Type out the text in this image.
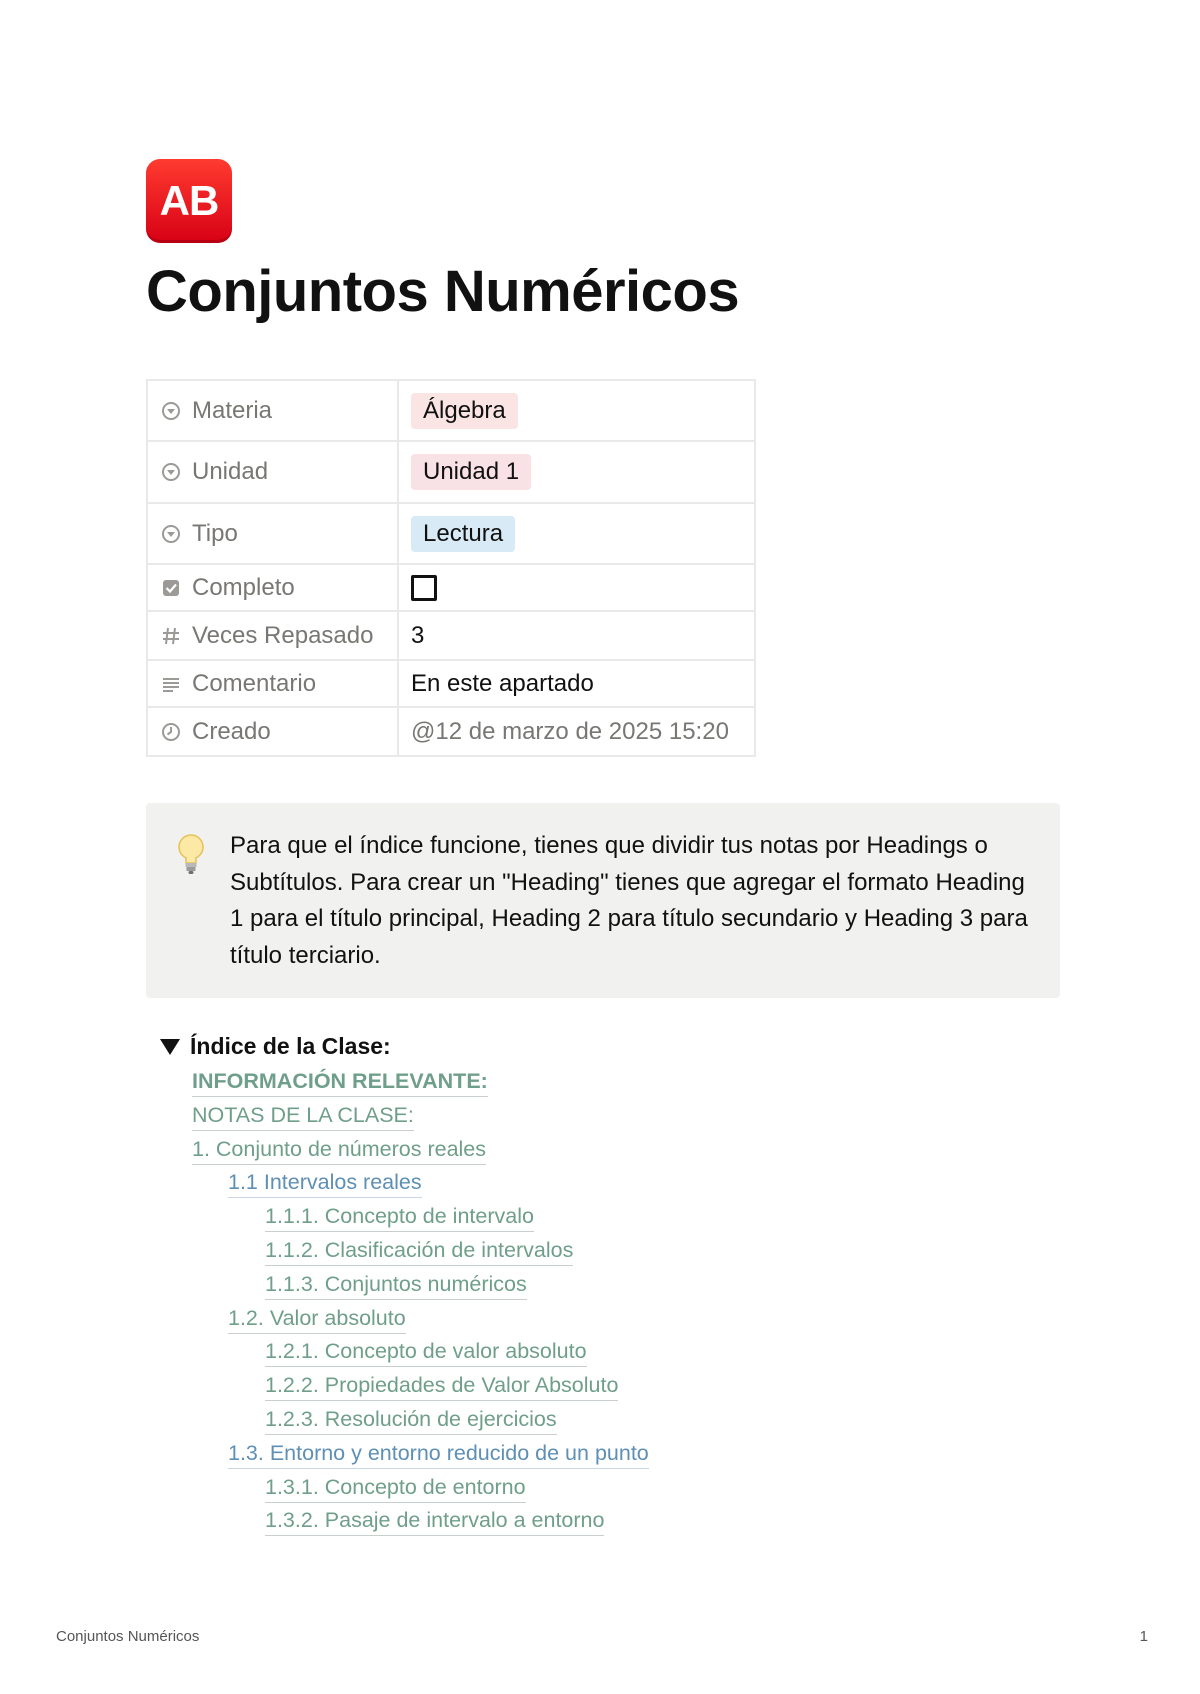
AB
Conjuntos Numéricos
Materia	Álgebra

Unidad	Unidad 1

Tipo	Lectura

Completo	

Veces Repasado	3

Comentario	En este apartado

Creado	@12 de marzo de 2025 15:20
Para que el índice funcione, tienes que dividir tus notas por Headings o Subtítulos. Para crear un "Heading" tienes que agregar el formato Heading 1 para el título principal, Heading 2 para título secundario y Heading 3 para título terciario.
Índice de la Clase:
INFORMACIÓN RELEVANTE:
NOTAS DE LA CLASE:
1. Conjunto de números reales
1.1 Intervalos reales
1.1.1. Concepto de intervalo
1.1.2. Clasificación de intervalos
1.1.3. Conjuntos numéricos
1.2. Valor absoluto
1.2.1. Concepto de valor absoluto
1.2.2. Propiedades de Valor Absoluto
1.2.3. Resolución de ejercicios
1.3. Entorno y entorno reducido de un punto
1.3.1. Concepto de entorno
1.3.2. Pasaje de intervalo a entorno
Conjuntos Numéricos	1
